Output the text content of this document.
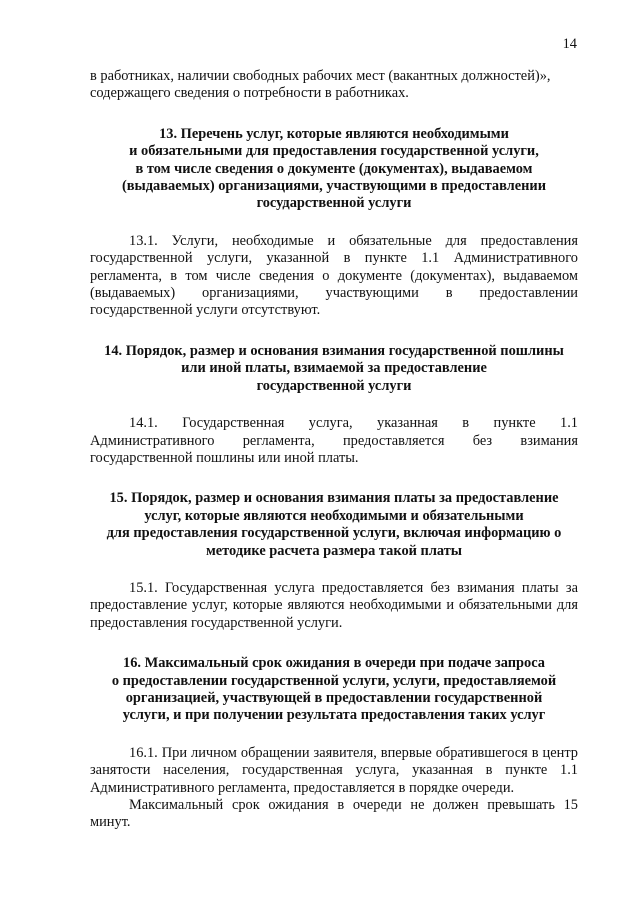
14

в работниках, наличии свободных рабочих мест (вакантных должностей)»,
содержащего сведения о потребности в работниках.

13. Перечень услуг, которые являются необходимыми
и обязательными для предоставления государственной услуги,
в том числе сведения о документе (документах), выдаваемом
(выдаваемых) организациями, участвующими в предоставлении
государственной услуги

13.1. Услуги, необходимые и обязательные для предоставления государственной услуги, указанной в пункте 1.1 Административного регламента, в том числе сведения о документе (документах), выдаваемом (выдаваемых) организациями, участвующими в предоставлении государственной услуги отсутствуют.

14. Порядок, размер и основания взимания государственной пошлины
или иной платы, взимаемой за предоставление
государственной услуги

14.1. Государственная услуга, указанная в пункте 1.1 Административного регламента, предоставляется без взимания государственной пошлины или иной платы.

15. Порядок, размер и основания взимания платы за предоставление
услуг, которые являются необходимыми и обязательными
для предоставления государственной услуги, включая информацию о
методике расчета размера такой платы

15.1. Государственная услуга предоставляется без взимания платы за предоставление услуг, которые являются необходимыми и обязательными для предоставления государственной услуги.

16. Максимальный срок ожидания в очереди при подаче запроса
о предоставлении государственной услуги, услуги, предоставляемой
организацией, участвующей в предоставлении государственной
услуги, и при получении результата предоставления таких услуг

16.1. При личном обращении заявителя, впервые обратившегося в центр занятости населения, государственная услуга, указанная в пункте 1.1 Административного регламента, предоставляется в порядке очереди.

Максимальный срок ожидания в очереди не должен превышать 15 минут.
